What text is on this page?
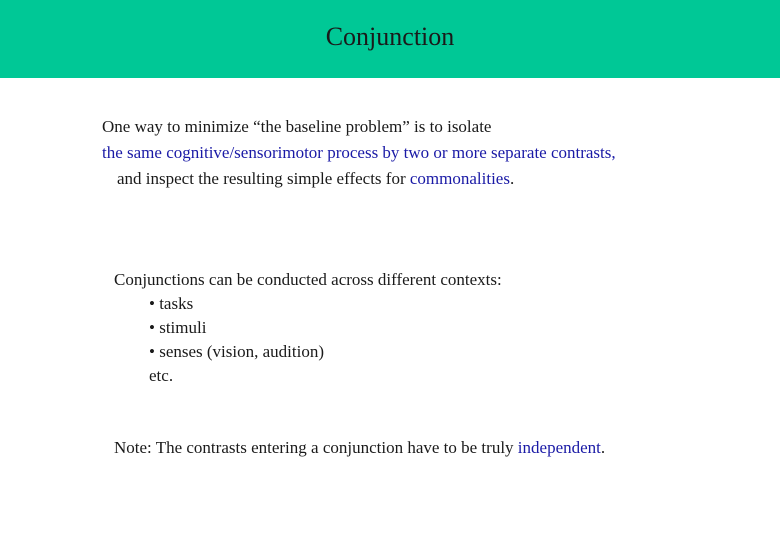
Conjunction
One way to minimize “the baseline problem” is to isolate
the same cognitive/sensorimotor process by two or more separate contrasts,
and inspect the resulting simple effects for commonalities.
Conjunctions can be conducted across different contexts:
• tasks
• stimuli
• senses (vision, audition)
etc.
Note: The contrasts entering a conjunction have to be truly independent.
